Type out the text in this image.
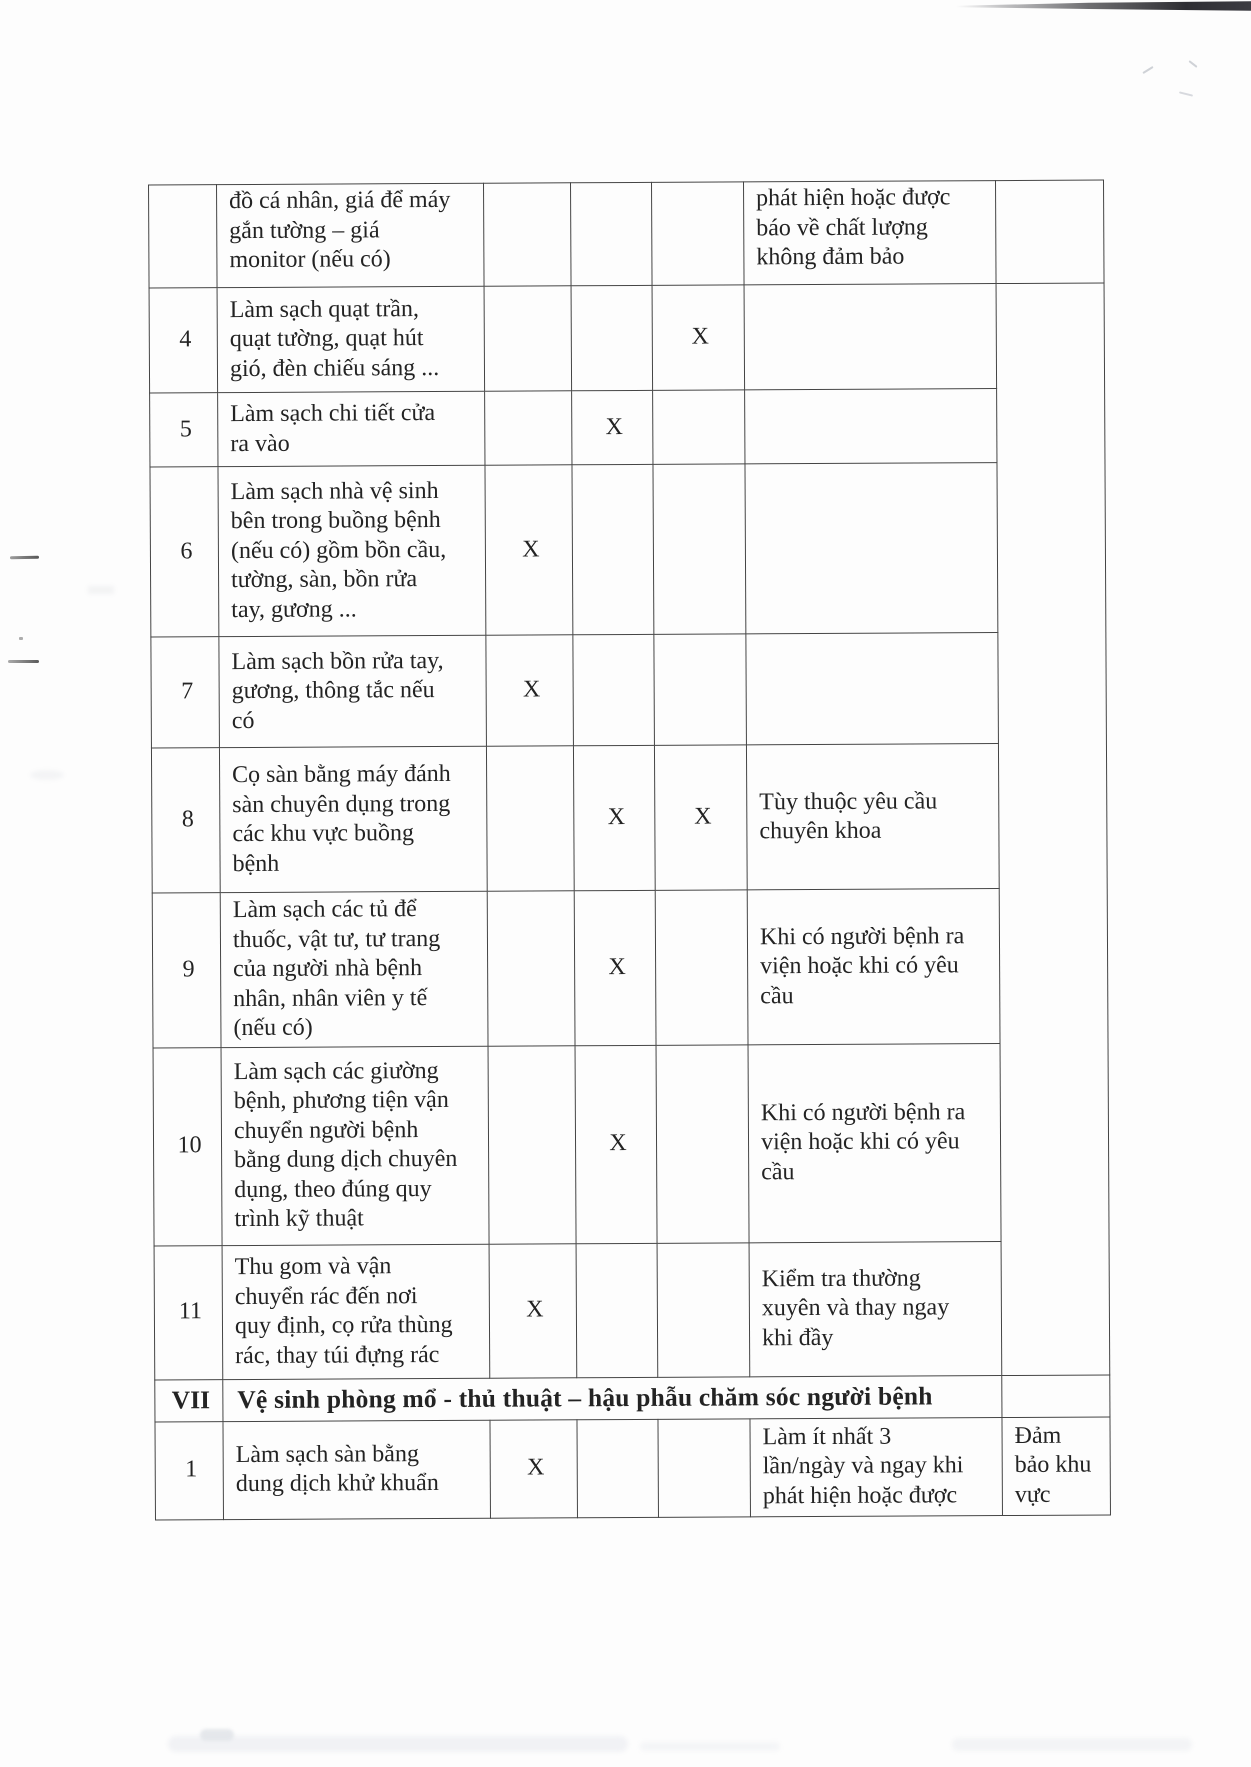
	đồ cá nhân, giá để máy
gắn tường – giá
monitor (nếu có)				phát hiện hoặc được
báo về chất lượng
không đảm bảo	
4	Làm sạch quạt trần,
quạt tường, quạt hút
gió, đèn chiếu sáng ...			X		
5	Làm sạch chi tiết cửa
ra vào		X			
6	Làm sạch nhà vệ sinh
bên trong buồng bệnh
(nếu có) gồm bồn cầu,
tường, sàn, bồn rửa
tay, gương ...	X				
7	Làm sạch bồn rửa tay,
gương, thông tắc nếu
có	X				
8	Cọ sàn bằng máy đánh
sàn chuyên dụng trong
các khu vực buồng
bệnh		X	X	Tùy thuộc yêu cầu
chuyên khoa	
9	Làm sạch các tủ để
thuốc, vật tư, tư trang
của người nhà bệnh
nhân, nhân viên y tế
(nếu có)		X		Khi có người bệnh ra
viện hoặc khi có yêu
cầu	
10	Làm sạch các giường
bệnh, phương tiện vận
chuyển người bệnh
bằng dung dịch chuyên
dụng, theo đúng quy
trình kỹ thuật		X		Khi có người bệnh ra
viện hoặc khi có yêu
cầu
11	Thu gom và vận
chuyển rác đến nơi
quy định, cọ rửa thùng
rác, thay túi đựng rác	X			Kiểm tra thường
xuyên và thay ngay
khi đầy	
VII	Vệ sinh phòng mổ - thủ thuật – hậu phẫu chăm sóc người bệnh					
1	Làm sạch sàn bằng
dung dịch khử khuẩn	X			Làm ít nhất 3
lần/ngày và ngay khi
phát hiện hoặc được	Đảm
bảo khu
vực
